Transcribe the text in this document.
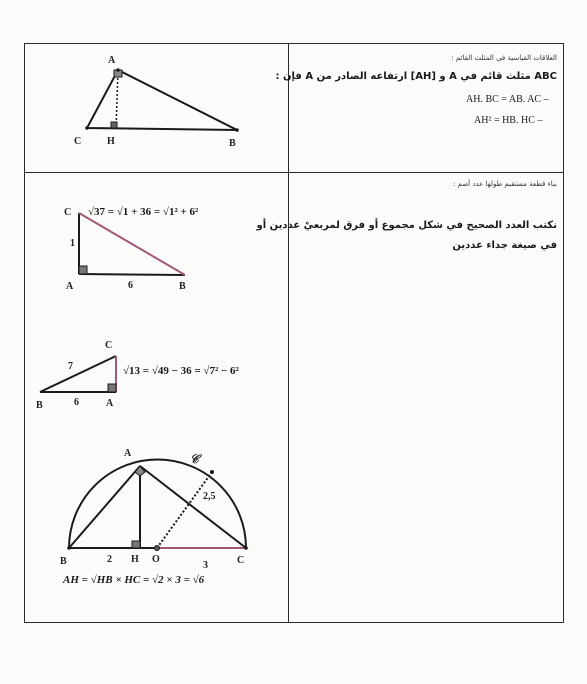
العلاقات القياسية في المثلث القائم :
ABC مثلث قائم في A و [AH] ارتفاعه الصادر من A فإن :
AH. BC = AB. AC –
AH² = HB. HC –
بناء قطعة مستقيم طولها عدد أصم :
نكتب العدد الصحيح في شكل مجموع أو فرق لمربعيْ عددين أو
في صيغة جداء عددين
A
C	H	B
C
1
A	6	B
√37 = √1 + 36 = √1² + 6²
C
7
B	6	A
√13 = √49 − 36 = √7² − 6²
A	𝒞
2,5
B	2 H O
3	C
AH = √HB × HC = √2 × 3 = √6
